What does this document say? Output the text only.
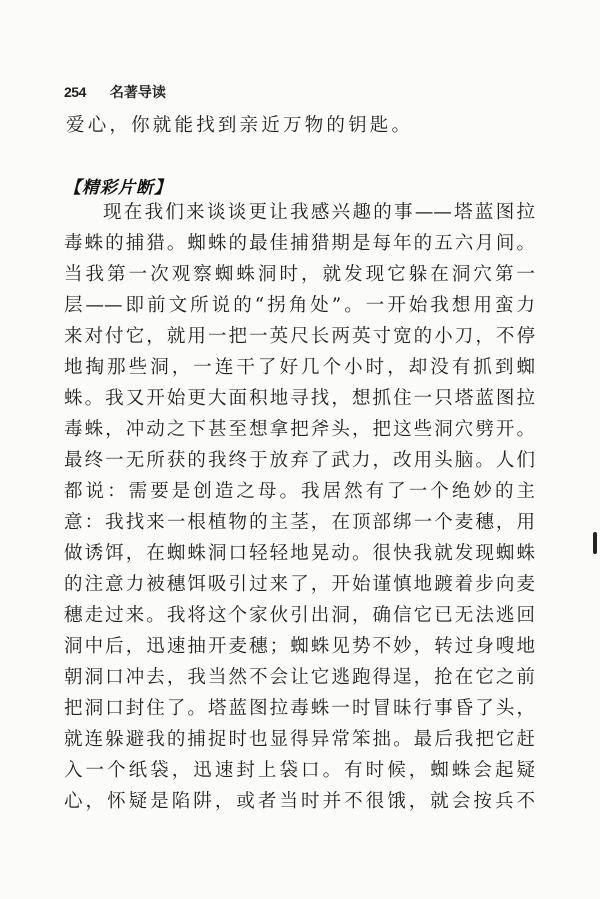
254 名著导读
爱心，你就能找到亲近万物的钥匙。
【精彩片断】
现在我们来谈谈更让我感兴趣的事——塔蓝图拉
毒蛛的捕猎。蜘蛛的最佳捕猎期是每年的五六月间。
当我第一次观察蜘蛛洞时，就发现它躲在洞穴第一
层——即前文所说的“拐角处”。一开始我想用蛮力
来对付它，就用一把一英尺长两英寸宽的小刀，不停
地掏那些洞，一连干了好几个小时，却没有抓到蜘
蛛。我又开始更大面积地寻找，想抓住一只塔蓝图拉
毒蛛，冲动之下甚至想拿把斧头，把这些洞穴劈开。
最终一无所获的我终于放弃了武力，改用头脑。人们
都说：需要是创造之母。我居然有了一个绝妙的主
意：我找来一根植物的主茎，在顶部绑一个麦穗，用
做诱饵，在蜘蛛洞口轻轻地晃动。很快我就发现蜘蛛
的注意力被穗饵吸引过来了，开始谨慎地踱着步向麦
穗走过来。我将这个家伙引出洞，确信它已无法逃回
洞中后，迅速抽开麦穗；蜘蛛见势不妙，转过身嗖地
朝洞口冲去，我当然不会让它逃跑得逞，抢在它之前
把洞口封住了。塔蓝图拉毒蛛一时冒昧行事昏了头，
就连躲避我的捕捉时也显得异常笨拙。最后我把它赶
入一个纸袋，迅速封上袋口。有时候，蜘蛛会起疑
心，怀疑是陷阱，或者当时并不很饿，就会按兵不
